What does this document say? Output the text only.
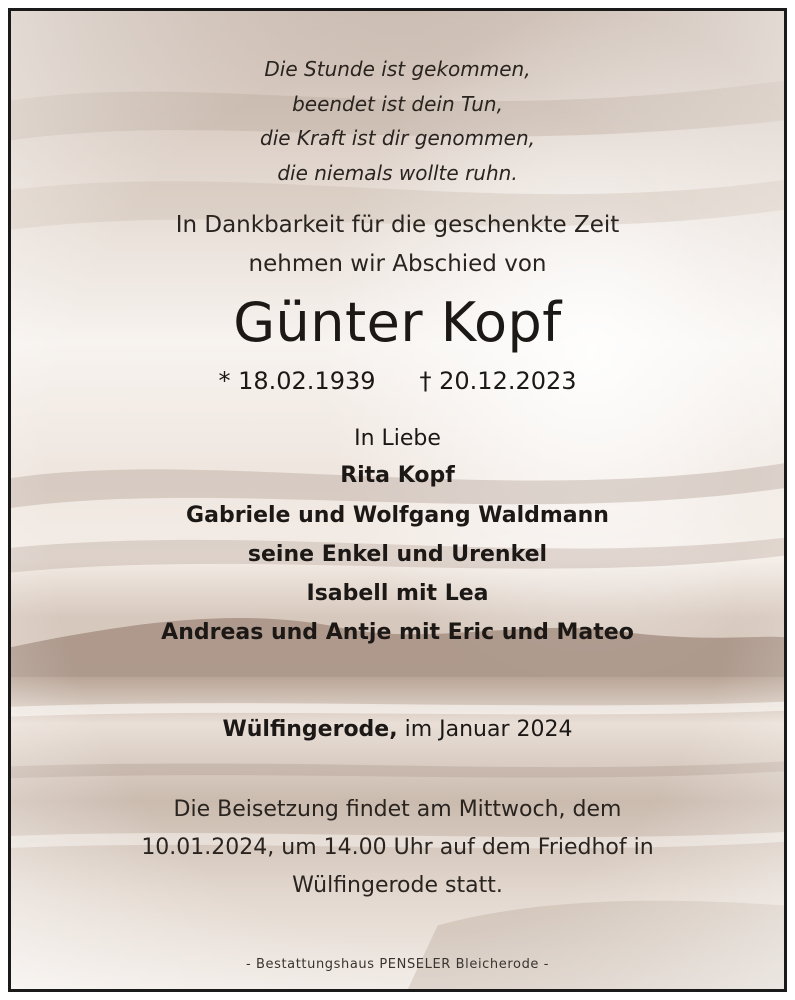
Die Stunde ist gekommen,
beendet ist dein Tun,
die Kraft ist dir genommen,
die niemals wollte ruhn.
In Dankbarkeit für die geschenkte Zeit
nehmen wir Abschied von
Günter Kopf
* 18.02.1939 † 20.12.2023
In Liebe
Rita Kopf
Gabriele und Wolfgang Waldmann
seine Enkel und Urenkel
Isabell mit Lea
Andreas und Antje mit Eric und Mateo
Wülfingerode, im Januar 2024
Die Beisetzung findet am Mittwoch, dem
10.01.2024, um 14.00 Uhr auf dem Friedhof in
Wülfingerode statt.
- Bestattungshaus PENSELER Bleicherode -
